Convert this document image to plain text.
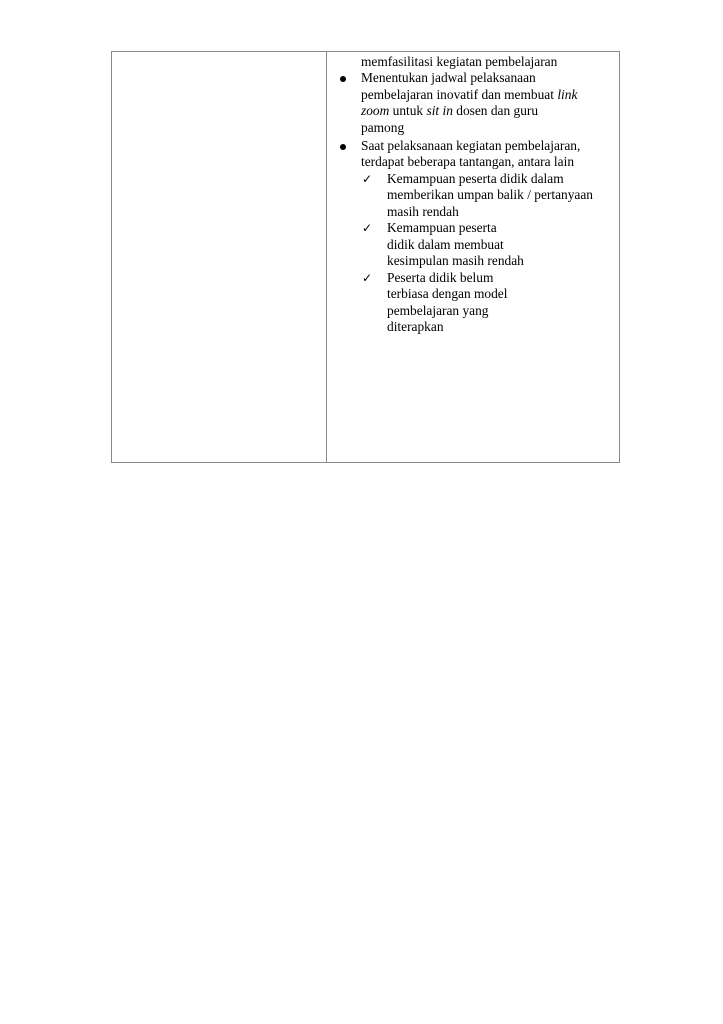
memfasilitasi kegiatan pembelajaran
Menentukan jadwal pelaksanaan
pembelajaran inovatif dan membuat link
zoom untuk sit in dosen dan guru
pamong
Saat pelaksanaan kegiatan pembelajaran,
terdapat beberapa tantangan, antara lain
✓ Kemampuan peserta didik dalam
memberikan umpan balik / pertanyaan
masih rendah
✓ Kemampuan peserta
didik dalam membuat
kesimpulan masih rendah
✓ Peserta didik belum
terbiasa dengan model
pembelajaran yang
diterapkan
